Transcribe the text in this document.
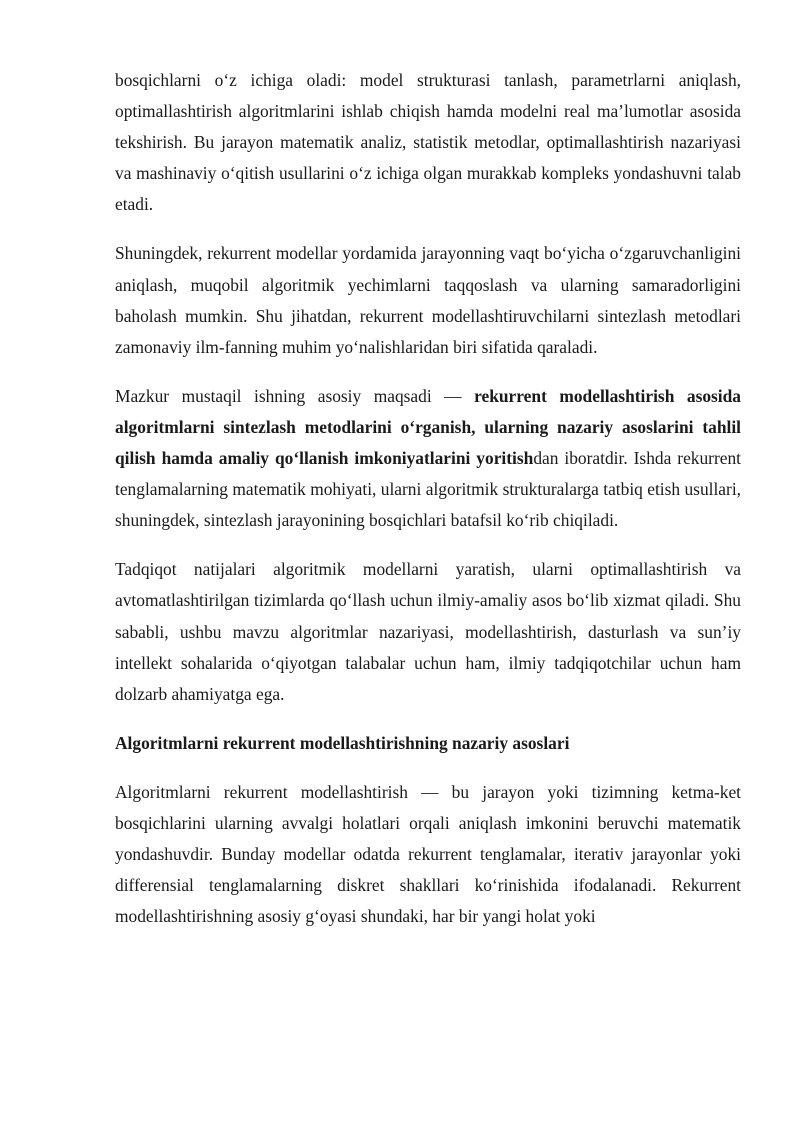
bosqichlarni o‘z ichiga oladi: model strukturasi tanlash, parametrlarni aniqlash, optimallashtirish algoritmlarini ishlab chiqish hamda modelni real ma’lumotlar asosida tekshirish. Bu jarayon matematik analiz, statistik metodlar, optimallashtirish nazariyasi va mashinaviy o‘qitish usullarini o‘z ichiga olgan murakkab kompleks yondashuvni talab etadi.

Shuningdek, rekurrent modellar yordamida jarayonning vaqt bo‘yicha o‘zgaruvchanligini aniqlash, muqobil algoritmik yechimlarni taqqoslash va ularning samaradorligini baholash mumkin. Shu jihatdan, rekurrent modellashtiruvchilarni sintezlash metodlari zamonaviy ilm-fanning muhim yo‘nalishlaridan biri sifatida qaraladi.

Mazkur mustaqil ishning asosiy maqsadi — rekurrent modellashtirish asosida algoritmlarni sintezlash metodlarini o‘rganish, ularning nazariy asoslarini tahlil qilish hamda amaliy qo‘llanish imkoniyatlarini yoritishdan iboratdir. Ishda rekurrent tenglamalarning matematik mohiyati, ularni algoritmik strukturalarga tatbiq etish usullari, shuningdek, sintezlash jarayonining bosqichlari batafsil ko‘rib chiqiladi.

Tadqiqot natijalari algoritmik modellarni yaratish, ularni optimallashtirish va avtomatlashtirilgan tizimlarda qo‘llash uchun ilmiy-amaliy asos bo‘lib xizmat qiladi. Shu sababli, ushbu mavzu algoritmlar nazariyasi, modellashtirish, dasturlash va sun’iy intellekt sohalarida o‘qiyotgan talabalar uchun ham, ilmiy tadqiqotchilar uchun ham dolzarb ahamiyatga ega.

Algoritmlarni rekurrent modellashtirishning nazariy asoslari

Algoritmlarni rekurrent modellashtirish — bu jarayon yoki tizimning ketma-ket bosqichlarini ularning avvalgi holatlari orqali aniqlash imkonini beruvchi matematik yondashuvdir. Bunday modellar odatda rekurrent tenglamalar, iterativ jarayonlar yoki differensial tenglamalarning diskret shakllari ko‘rinishida ifodalanadi. Rekurrent modellashtirishning asosiy g‘oyasi shundaki, har bir yangi holat yoki
